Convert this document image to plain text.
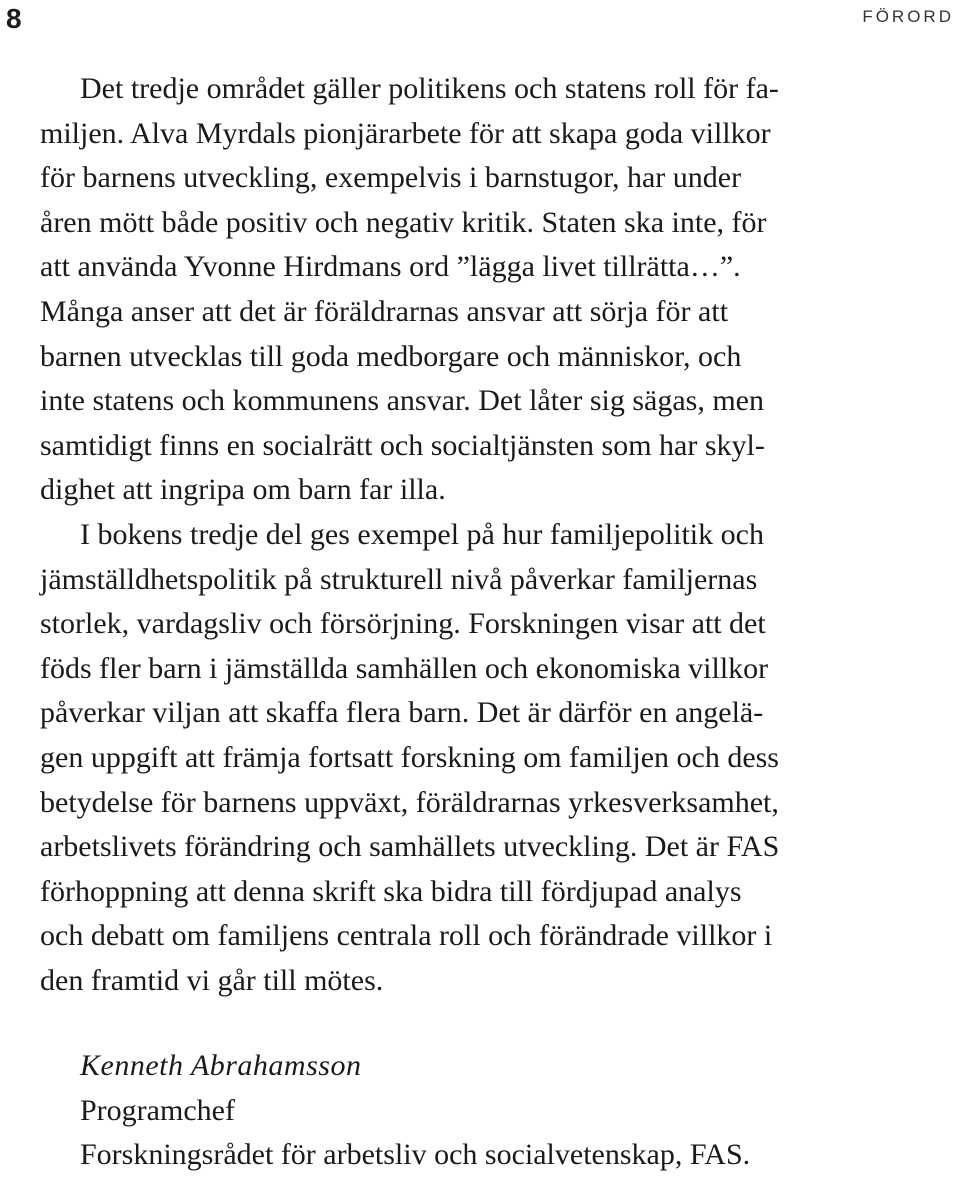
8	FÖRORD
Det tredje området gäller politikens och statens roll för fa-
miljen. Alva Myrdals pionjärarbete för att skapa goda villkor
för barnens utveckling, exempelvis i barnstugor, har under
åren mött både positiv och negativ kritik. Staten ska inte, för
att använda Yvonne Hirdmans ord ”lägga livet tillrätta…”.
Många anser att det är föräldrarnas ansvar att sörja för att
barnen utvecklas till goda medborgare och människor, och
inte statens och kommunens ansvar. Det låter sig sägas, men
samtidigt finns en socialrätt och socialtjänsten som har skyl-
dighet att ingripa om barn far illa.
I bokens tredje del ges exempel på hur familjepolitik och
jämställdhetspolitik på strukturell nivå påverkar familjernas
storlek, vardagsliv och försörjning. Forskningen visar att det
föds fler barn i jämställda samhällen och ekonomiska villkor
påverkar viljan att skaffa flera barn. Det är därför en angelä-
gen uppgift att främja fortsatt forskning om familjen och dess
betydelse för barnens uppväxt, föräldrarnas yrkesverksamhet,
arbetslivets förändring och samhällets utveckling. Det är FAS
förhoppning att denna skrift ska bidra till fördjupad analys
och debatt om familjens centrala roll och förändrade villkor i
den framtid vi går till mötes.
Kenneth Abrahamsson
Programchef
Forskningsrådet för arbetsliv och socialvetenskap, FAS.
